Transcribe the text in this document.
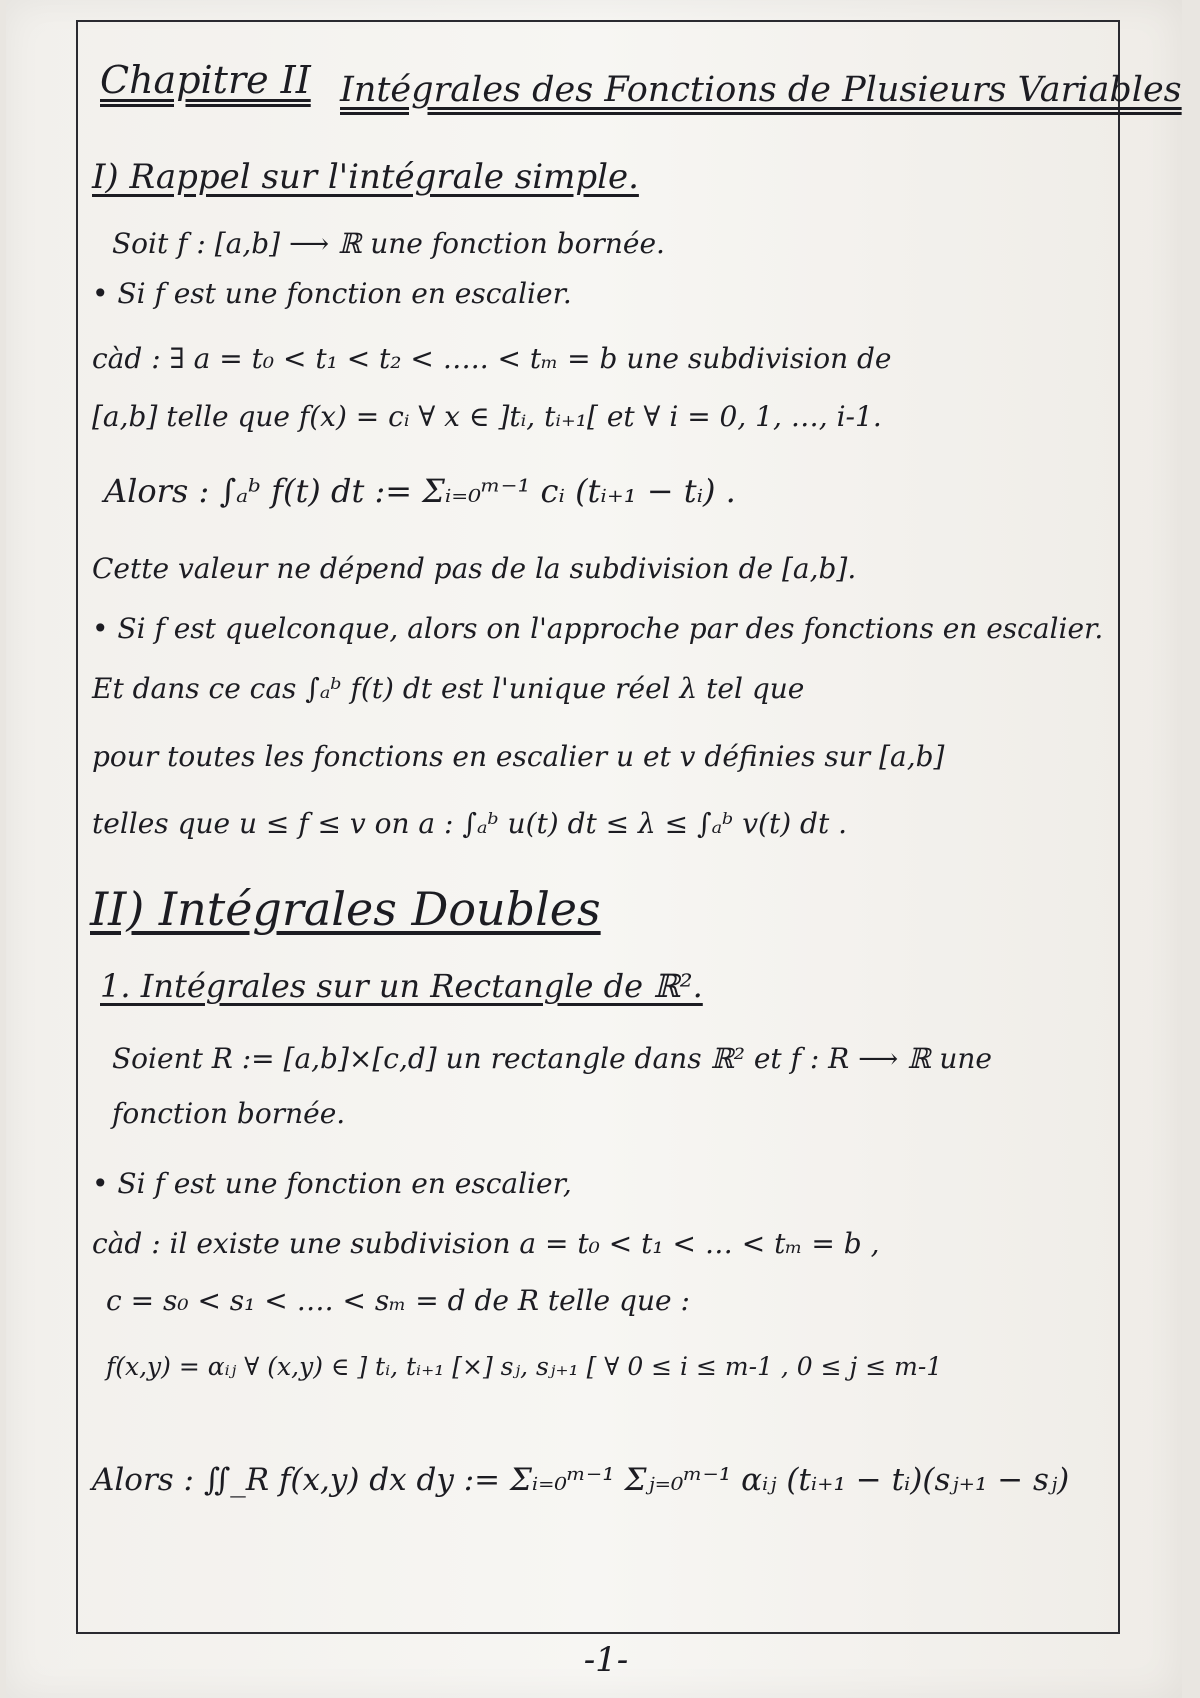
Chapitre II Intégrales des Fonctions de Plusieurs Variables
I) Rappel sur l'intégrale simple.
Soit f : [a,b] ⟶ ℝ une fonction bornée.
• Si f est une fonction en escalier.
càd : ∃ a = t₀ < t₁ < t₂ < ….. < tₘ = b une subdivision de
[a,b] telle que f(x) = cᵢ ∀ x ∈ ]tᵢ, tᵢ₊₁[ et ∀ i = 0, 1, …, i-1.
Alors : ∫ₐᵇ f(t) dt := Σᵢ₌₀ᵐ⁻¹ cᵢ (tᵢ₊₁ − tᵢ) .
Cette valeur ne dépend pas de la subdivision de [a,b].
• Si f est quelconque, alors on l'approche par des fonctions en escalier.
Et dans ce cas ∫ₐᵇ f(t) dt est l'unique réel λ tel que
pour toutes les fonctions en escalier u et v définies sur [a,b]
telles que u ≤ f ≤ v on a : ∫ₐᵇ u(t) dt ≤ λ ≤ ∫ₐᵇ v(t) dt .
II) Intégrales Doubles
1. Intégrales sur un Rectangle de ℝ².
Soient R := [a,b]×[c,d] un rectangle dans ℝ² et f : R ⟶ ℝ une
fonction bornée.
• Si f est une fonction en escalier,
càd : il existe une subdivision a = t₀ < t₁ < … < tₘ = b ,
c = s₀ < s₁ < …. < sₘ = d de R telle que :
f(x,y) = αᵢⱼ ∀ (x,y) ∈ ] tᵢ, tᵢ₊₁ [×] sⱼ, sⱼ₊₁ [ ∀ 0 ≤ i ≤ m-1 , 0 ≤ j ≤ m-1
Alors : ∬_R f(x,y) dx dy := Σᵢ₌₀ᵐ⁻¹ Σⱼ₌₀ᵐ⁻¹ αᵢⱼ (tᵢ₊₁ − tᵢ)(sⱼ₊₁ − sⱼ)
-1-
